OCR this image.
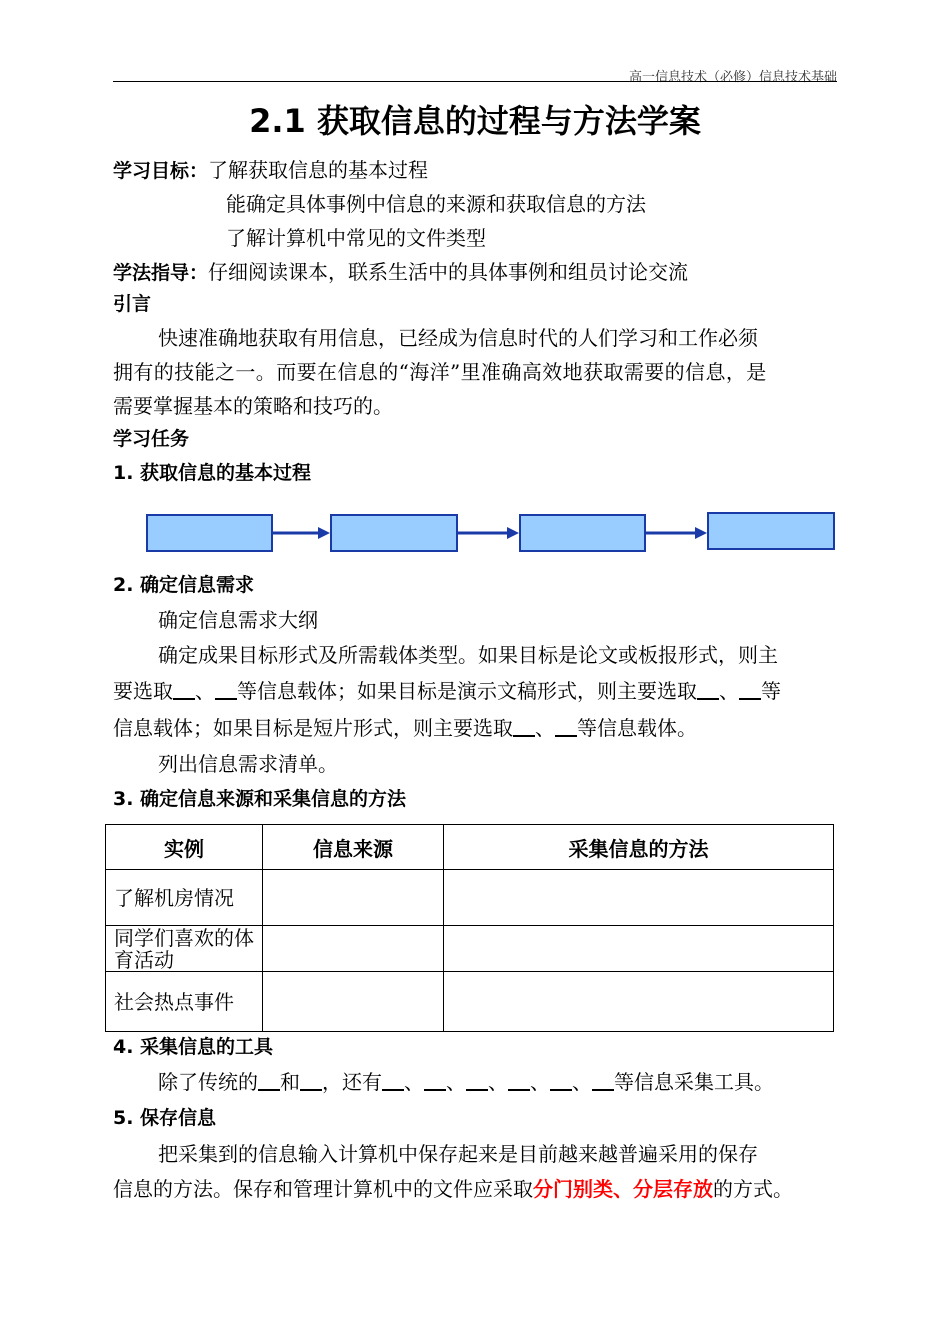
高一信息技术（必修）信息技术基础
2.1 获取信息的过程与方法学案
学习目标：了解获取信息的基本过程
能确定具体事例中信息的来源和获取信息的方法
了解计算机中常见的文件类型
学法指导：仔细阅读课本，联系生活中的具体事例和组员讨论交流
引言
快速准确地获取有用信息，已经成为信息时代的人们学习和工作必须
拥有的技能之一。而要在信息的“海洋”里准确高效地获取需要的信息，是
需要掌握基本的策略和技巧的。
学习任务
1. 获取信息的基本过程
2. 确定信息需求
确定信息需求大纲
确定成果目标形式及所需载体类型。如果目标是论文或板报形式，则主
要选取 、 等信息载体；如果目标是演示文稿形式，则主要选取 、 等
信息载体；如果目标是短片形式，则主要选取 、 等信息载体。
列出信息需求清单。
3. 确定信息来源和采集信息的方法
实例	信息来源	采集信息的方法
了解机房情况		
同学们喜欢的体育活动		
社会热点事件		
4. 采集信息的工具
除了传统的 和 ，还有 、 、 、 、 、 等信息采集工具。
5. 保存信息
把采集到的信息输入计算机中保存起来是目前越来越普遍采用的保存
信息的方法。保存和管理计算机中的文件应采取分门别类、分层存放的方式。
